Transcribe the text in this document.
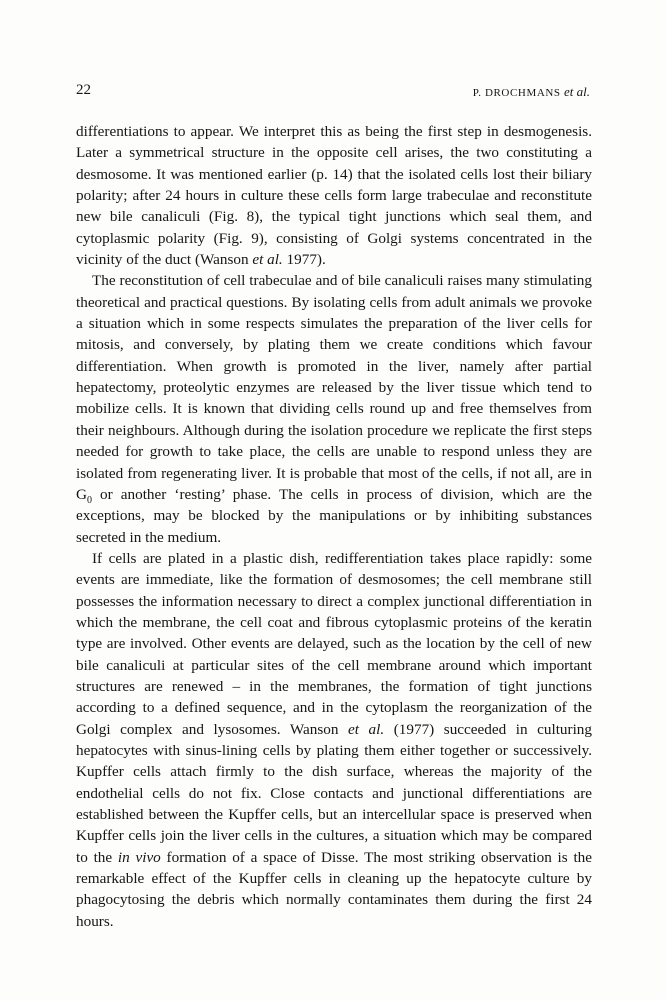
22	P. DROCHMANS et al.

differentiations to appear. We interpret this as being the first step in desmogenesis. Later a symmetrical structure in the opposite cell arises, the two constituting a desmosome. It was mentioned earlier (p. 14) that the isolated cells lost their biliary polarity; after 24 hours in culture these cells form large trabeculae and reconstitute new bile canaliculi (Fig. 8), the typical tight junctions which seal them, and cytoplasmic polarity (Fig. 9), consisting of Golgi systems concentrated in the vicinity of the duct (Wanson et al. 1977).

The reconstitution of cell trabeculae and of bile canaliculi raises many stimulating theoretical and practical questions. By isolating cells from adult animals we provoke a situation which in some respects simulates the preparation of the liver cells for mitosis, and conversely, by plating them we create conditions which favour differentiation. When growth is promoted in the liver, namely after partial hepatectomy, proteolytic enzymes are released by the liver tissue which tend to mobilize cells. It is known that dividing cells round up and free themselves from their neighbours. Although during the isolation procedure we replicate the first steps needed for growth to take place, the cells are unable to respond unless they are isolated from regenerating liver. It is probable that most of the cells, if not all, are in $G_0$ or another ‘resting’ phase. The cells in process of division, which are the exceptions, may be blocked by the manipulations or by inhibiting substances secreted in the medium.

If cells are plated in a plastic dish, redifferentiation takes place rapidly: some events are immediate, like the formation of desmosomes; the cell membrane still possesses the information necessary to direct a complex junctional differentiation in which the membrane, the cell coat and fibrous cytoplasmic proteins of the keratin type are involved. Other events are delayed, such as the location by the cell of new bile canaliculi at particular sites of the cell membrane around which important structures are renewed – in the membranes, the formation of tight junctions according to a defined sequence, and in the cytoplasm the reorganization of the Golgi complex and lysosomes. Wanson et al. (1977) succeeded in culturing hepatocytes with sinus-lining cells by plating them either together or successively. Kupffer cells attach firmly to the dish surface, whereas the majority of the endothelial cells do not fix. Close contacts and junctional differentiations are established between the Kupffer cells, but an intercellular space is preserved when Kupffer cells join the liver cells in the cultures, a situation which may be compared to the in vivo formation of a space of Disse. The most striking observation is the remarkable effect of the Kupffer cells in cleaning up the hepatocyte culture by phagocytosing the debris which normally contaminates them during the first 24 hours.
